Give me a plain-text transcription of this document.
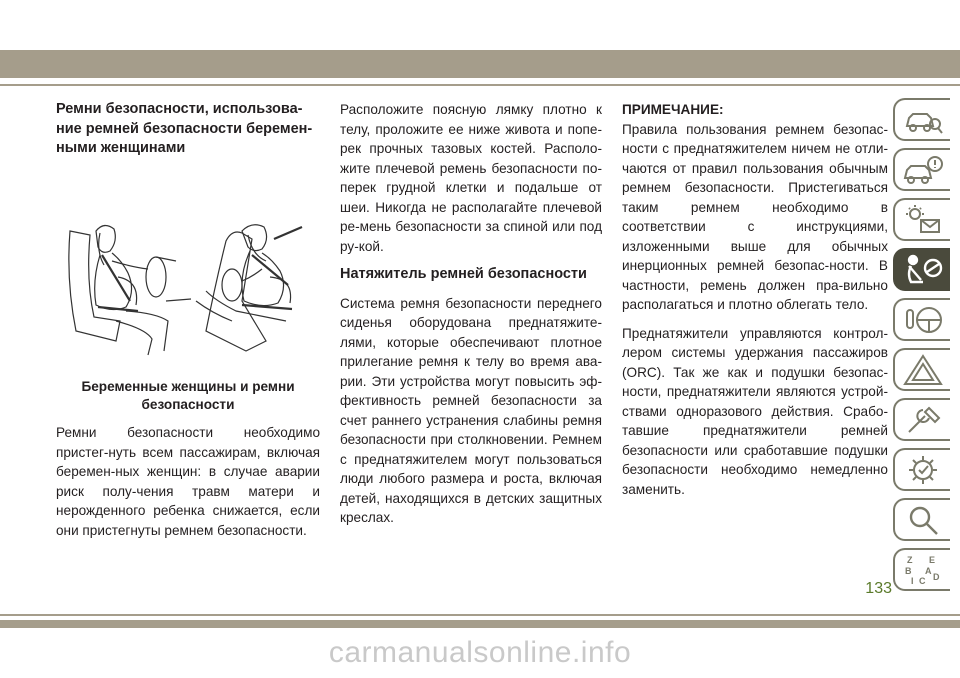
Ремни безопасности, использова-ние ремней безопасности беремен-ными женщинами

Беременные женщины и ремни безопасности

Ремни безопасности необходимо пристег-нуть всем пассажирам, включая беремен-ных женщин: в случае аварии риск полу-чения травм матери и нерожденного ребенка снижается, если они пристегнуты ремнем безопасности.

Расположите поясную лямку плотно к телу, проложите ее ниже живота и попе-рек прочных тазовых костей. Располо-жите плечевой ремень безопасности по-перек грудной клетки и подальше от шеи. Никогда не располагайте плечевой ре-мень безопасности за спиной или под ру-кой.

Натяжитель ремней безопасности

Система ремня безопасности переднего сиденья оборудована преднатяжите-лями, которые обеспечивают плотное прилегание ремня к телу во время ава-рии. Эти устройства могут повысить эф-фективность ремней безопасности за счет раннего устранения слабины ремня безопасности при столкновении. Ремнем с преднатяжителем могут пользоваться люди любого размера и роста, включая детей, находящихся в детских защитных креслах.

ПРИМЕЧАНИЕ:
Правила пользования ремнем безопас-ности с преднатяжителем ничем не отли-чаются от правил пользования обычным ремнем безопасности. Пристегиваться таким ремнем необходимо в соответствии с инструкциями, изложенными выше для обычных инерционных ремней безопас-ности. В частности, ремень должен пра-вильно располагаться и плотно облегать тело.

Преднатяжители управляются контрол-лером системы удержания пассажиров (ORC). Так же как и подушки безопас-ности, преднатяжители являются устрой-ствами одноразового действия. Срабо-тавшие преднатяжители ремней безопасности или сработавшие подушки безопасности необходимо немедленно заменить.

Z E
B A
I C D
133
carmanualsonline.info
